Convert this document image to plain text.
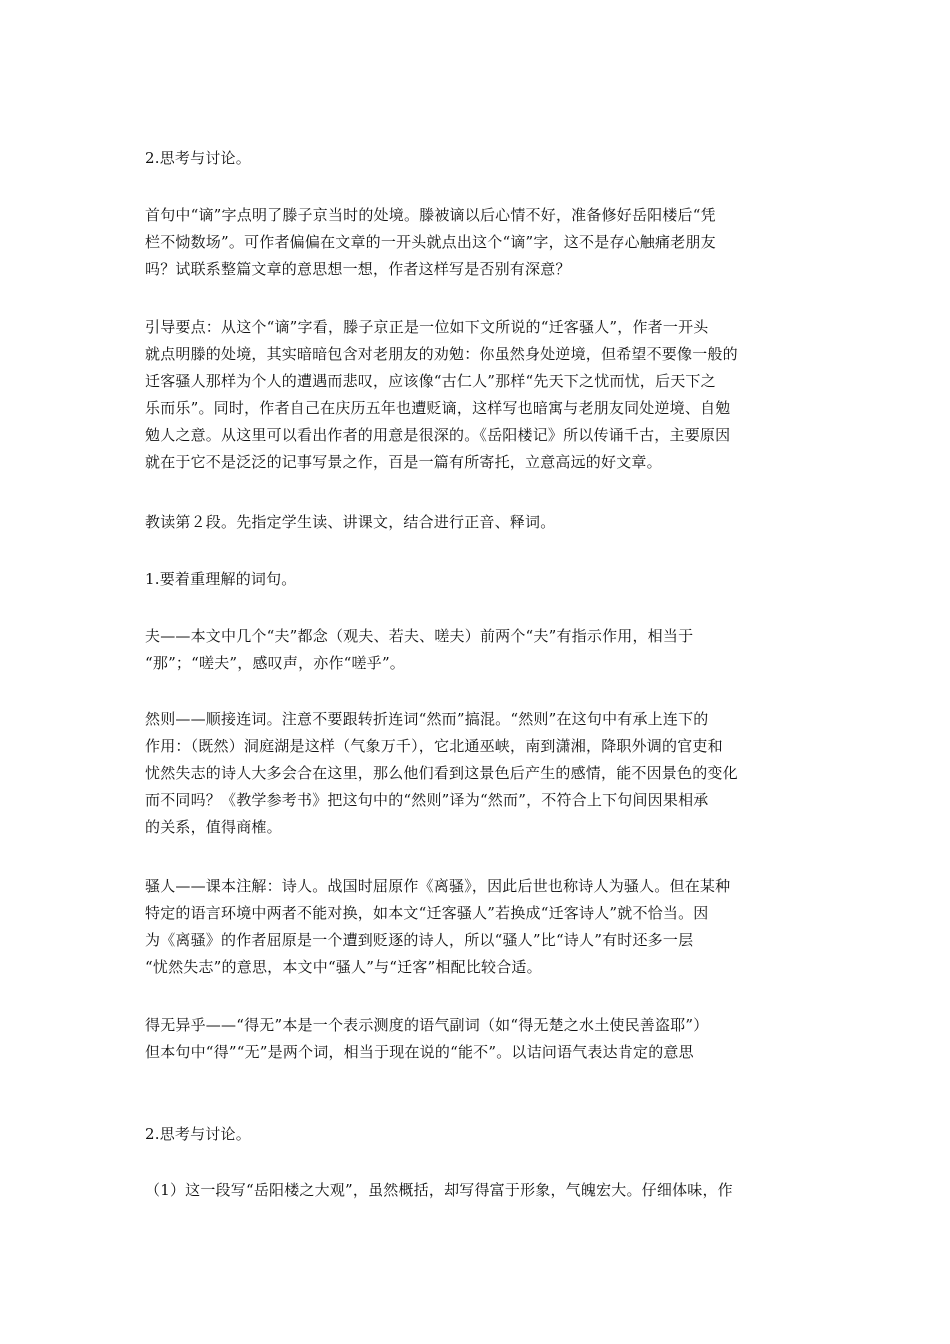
2.思考与讨论。
首句中“谪”字点明了滕子京当时的处境。滕被谪以后心情不好，准备修好岳阳楼后“凭
栏不恸数场”。可作者偏偏在文章的一开头就点出这个“谪”字，这不是存心触痛老朋友
吗？试联系整篇文章的意思想一想，作者这样写是否别有深意？
引导要点：从这个“谪”字看，滕子京正是一位如下文所说的“迁客骚人”，作者一开头
就点明滕的处境，其实暗暗包含对老朋友的劝勉：你虽然身处逆境，但希望不要像一般的
迁客骚人那样为个人的遭遇而悲叹，应该像“古仁人”那样“先天下之忧而忧，后天下之
乐而乐”。同时，作者自己在庆历五年也遭贬谪，这样写也暗寓与老朋友同处逆境、自勉
勉人之意。从这里可以看出作者的用意是很深的。《岳阳楼记》所以传诵千古，主要原因
就在于它不是泛泛的记事写景之作，百是一篇有所寄托，立意高远的好文章。
教读第２段。先指定学生读、讲课文，结合进行正音、释词。
1.要着重理解的词句。
夫——本文中几个“夫”都念（观夫、若夫、嗟夫）前两个“夫”有指示作用，相当于
“那”；“嗟夫”，感叹声，亦作“嗟乎”。
然则——顺接连词。注意不要跟转折连词“然而”搞混。“然则”在这句中有承上连下的
作用：（既然）洞庭湖是这样（气象万千），它北通巫峡，南到潇湘，降职外调的官吏和
忧然失志的诗人大多会合在这里，那么他们看到这景色后产生的感情，能不因景色的变化
而不同吗？《教学参考书》把这句中的“然则”译为“然而”，不符合上下句间因果相承
的关系，值得商榷。
骚人——课本注解：诗人。战国时屈原作《离骚》，因此后世也称诗人为骚人。但在某种
特定的语言环境中两者不能对换，如本文“迁客骚人”若换成“迁客诗人”就不恰当。因
为《离骚》的作者屈原是一个遭到贬逐的诗人，所以“骚人”比“诗人”有时还多一层
“忧然失志”的意思，本文中“骚人”与“迁客”相配比较合适。
得无异乎——“得无”本是一个表示测度的语气副词（如“得无楚之水土使民善盗耶”）
但本句中“得”“无”是两个词，相当于现在说的“能不”。以诘问语气表达肯定的意思
2.思考与讨论。
（1）这一段写“岳阳楼之大观”，虽然概括，却写得富于形象，气魄宏大。仔细体味，作
